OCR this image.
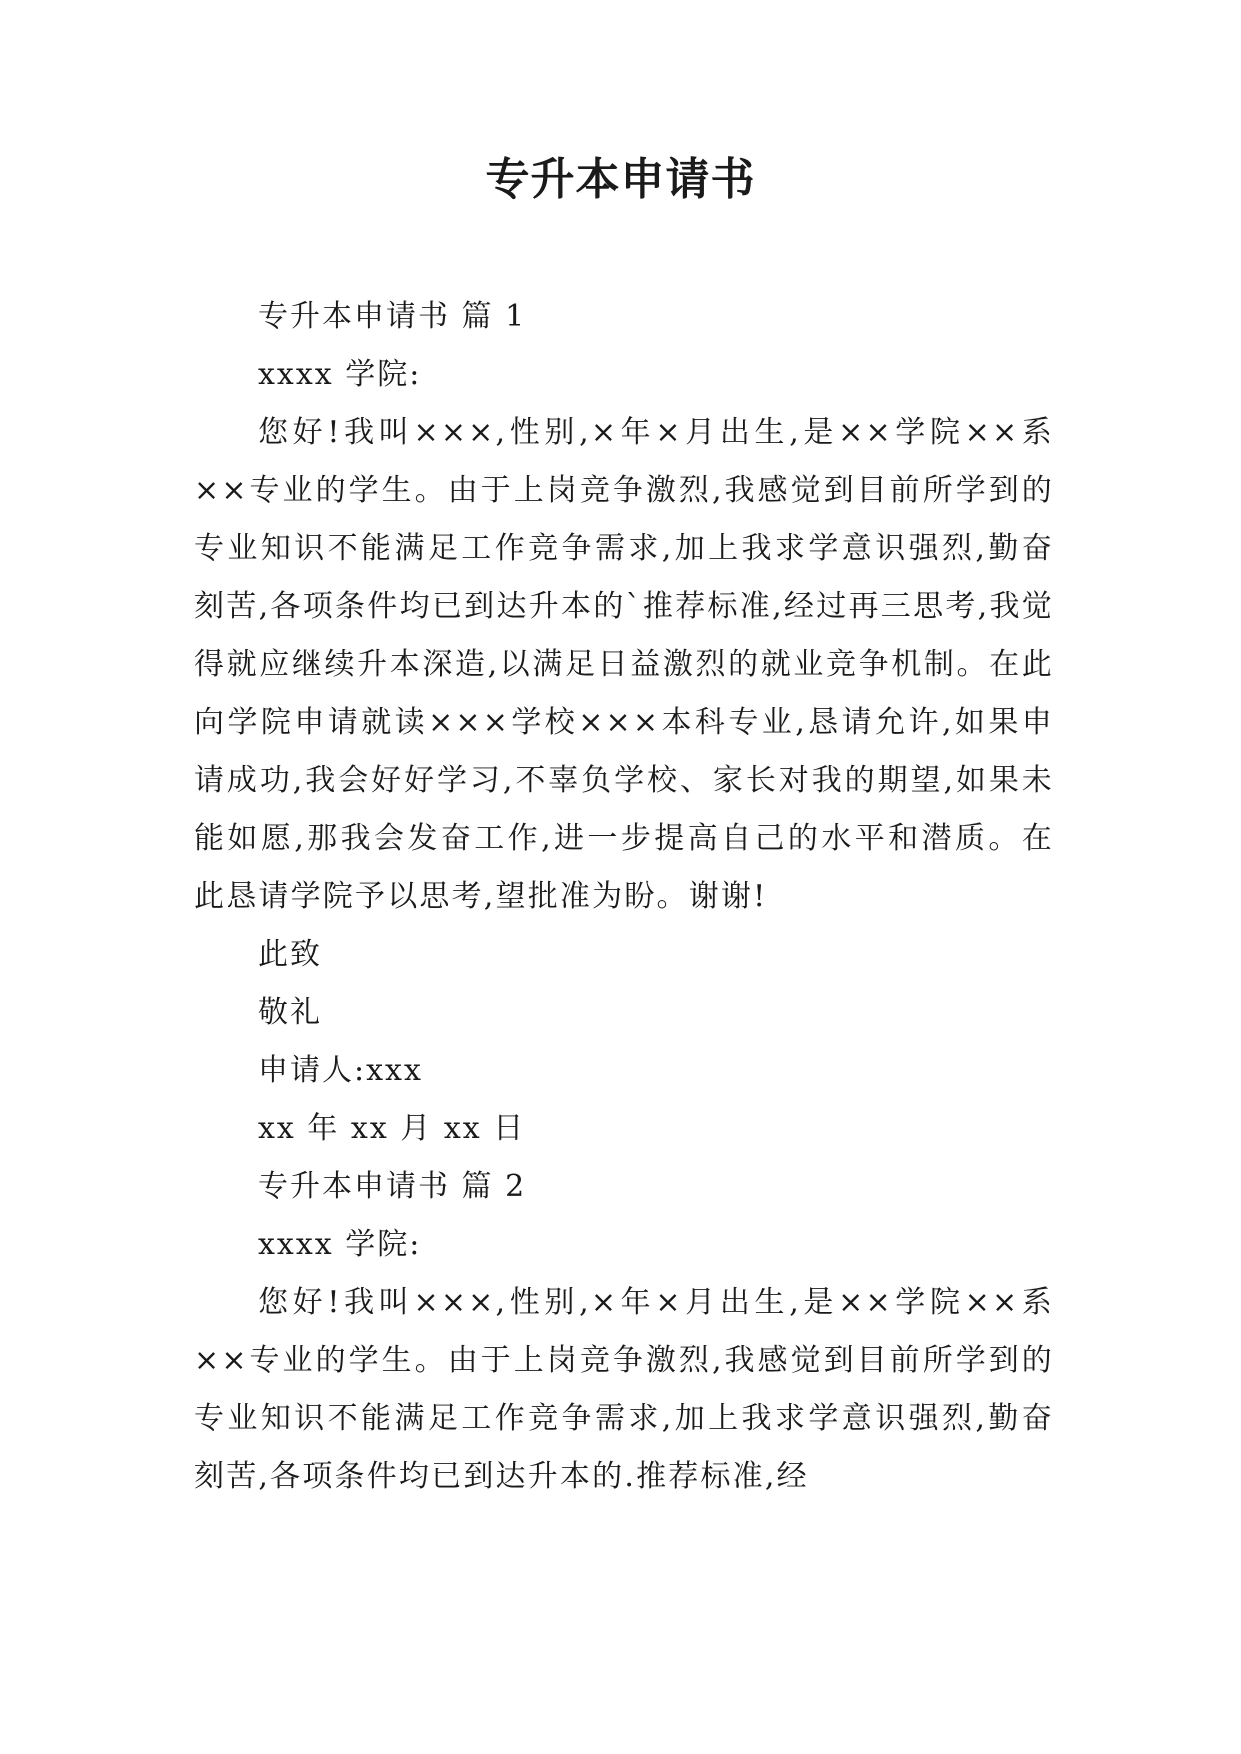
专升本申请书
专升本申请书 篇 1
xxxx 学院:

您好!我叫×××,性别,×年×月出生,是××学院××系××专业的学生。由于上岗竞争激烈,我感觉到目前所学到的专业知识不能满足工作竞争需求,加上我求学意识强烈,勤奋刻苦,各项条件均已到达升本的`推荐标准,经过再三思考,我觉得就应继续升本深造,以满足日益激烈的就业竞争机制。在此向学院申请就读×××学校×××本科专业,恳请允许,如果申请成功,我会好好学习,不辜负学校、家长对我的期望,如果未能如愿,那我会发奋工作,进一步提高自己的水平和潜质。在此恳请学院予以思考,望批准为盼。谢谢!

此致
敬礼
申请人:xxx
xx 年 xx 月 xx 日
专升本申请书 篇 2
xxxx 学院:

您好!我叫×××,性别,×年×月出生,是××学院××系××专业的学生。由于上岗竞争激烈,我感觉到目前所学到的专业知识不能满足工作竞争需求,加上我求学意识强烈,勤奋刻苦,各项条件均已到达升本的.推荐标准,经
